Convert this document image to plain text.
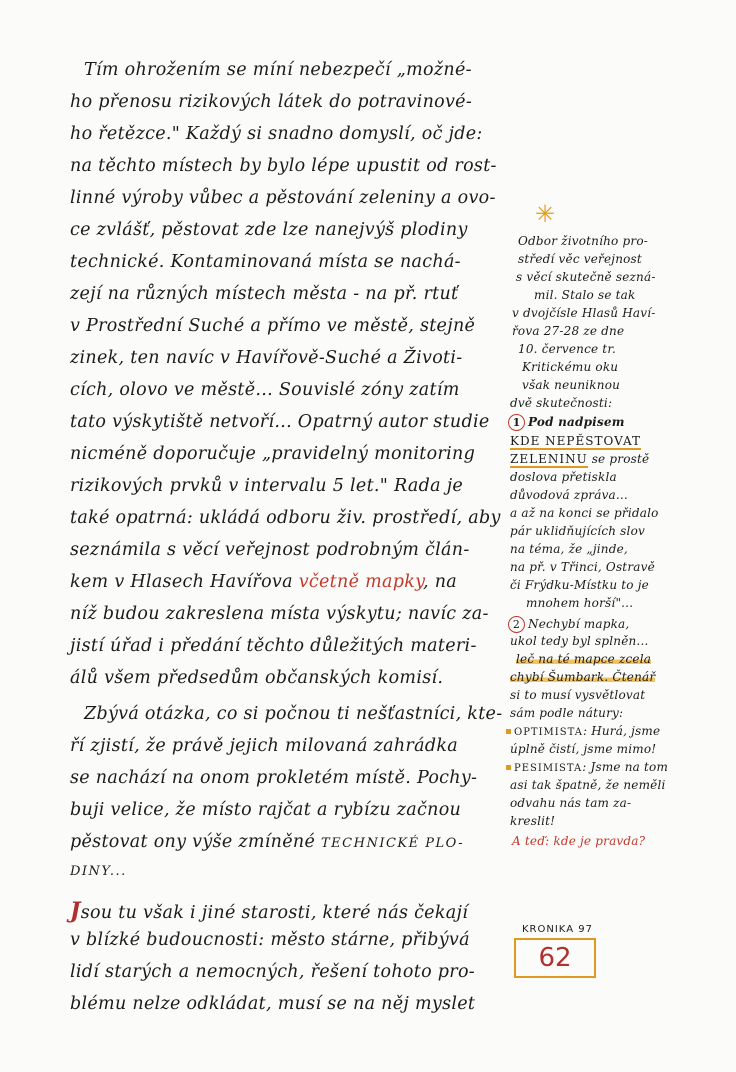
Tím ohrožením se míní nebezpečí „možné-
ho přenosu rizikových látek do potravinové-
ho řetězce." Každý si snadno domyslí, oč jde:
na těchto místech by bylo lépe upustit od rost-
linné výroby vůbec a pěstování zeleniny a ovo-
ce zvlášť, pěstovat zde lze nanejvýš plodiny
technické. Kontaminovaná místa se nachá-
zejí na různých místech města - na př. rtuť
v Prostřední Suché a přímo ve městě, stejně
zinek, ten navíc v Havířově-Suché a Životi-
cích, olovo ve městě... Souvislé zóny zatím
tato výskytiště netvoří... Opatrný autor studie
nicméně doporučuje „pravidelný monitoring
rizikových prvků v intervalu 5 let." Rada je
také opatrná: ukládá odboru živ. prostředí, aby
seznámila s věcí veřejnost podrobným člán-
kem v Hlasech Havířova včetně mapky, na
níž budou zakreslena místa výskytu; navíc za-
jistí úřad i předání těchto důležitých materi-
álů všem předsedům občanských komisí.
Zbývá otázka, co si počnou ti nešťastníci, kte-
ří zjistí, že právě jejich milovaná zahrádka
se nachází na onom prokletém místě. Pochy-
buji velice, že místo rajčat a rybízu začnou
pěstovat ony výše zmíněné TECHNICKÉ PLO-
DINY...
Jsou tu však i jiné starosti, které nás čekají
v blízké budoucnosti: město stárne, přibývá
lidí starých a nemocných, řešení tohoto pro-
blému nelze odkládat, musí se na něj myslet
✳
Odbor životního pro-
středí věc veřejnost
s věcí skutečně sezná-
mil. Stalo se tak
v dvojčísle Hlasů Haví-
řova 27-28 ze dne
10. července tr.
Kritickému oku
však neuniknou
dvě skutečnosti:
1 Pod nadpisem
KDE NEPĚSTOVAT
ZELENINU se prostě
doslova přetiskla
důvodová zpráva...
a až na konci se přidalo
pár uklidňujících slov
na téma, že „jinde,
na př. v Třinci, Ostravě
či Frýdku-Místku to je
mnohem horší"...
2 Nechybí mapka,
ukol tedy byl splněn...
leč na té mapce zcela
chybí Šumbark. Čtenář
si to musí vysvětlovat
sám podle nátury:
OPTIMISTA: Hurá, jsme
úplně čistí, jsme mimo!
PESIMISTA: Jsme na tom
asi tak špatně, že neměli
odvahu nás tam za-
kreslit!
A teď: kde je pravda?
KRONIKA 97
62
